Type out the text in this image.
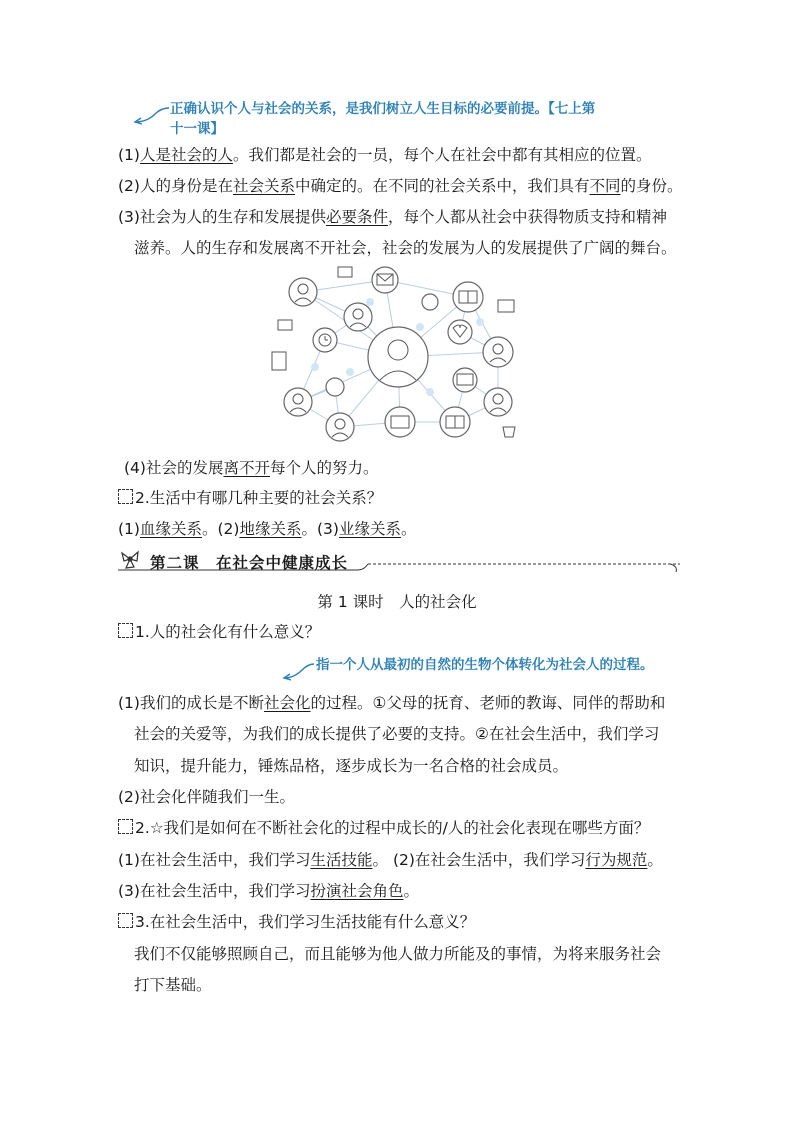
正确认识个人与社会的关系，是我们树立人生目标的必要前提。【七上第
十一课】
(1)人是社会的人。我们都是社会的一员，每个人在社会中都有其相应的位置。
(2)人的身份是在社会关系中确定的。在不同的社会关系中，我们具有不同的身份。
(3)社会为人的生存和发展提供必要条件，每个人都从社会中获得物质支持和精神
滋养。人的生存和发展离不开社会，社会的发展为人的发展提供了广阔的舞台。
(4)社会的发展离不开每个人的努力。
2.生活中有哪几种主要的社会关系？
(1)血缘关系。(2)地缘关系。(3)业缘关系。
第二课　在社会中健康成长
第 1 课时　人的社会化
1.人的社会化有什么意义？
指一个人从最初的自然的生物个体转化为社会人的过程。
(1)我们的成长是不断社会化的过程。①父母的抚育、老师的教诲、同伴的帮助和
社会的关爱等，为我们的成长提供了必要的支持。②在社会生活中，我们学习
知识，提升能力，锤炼品格，逐步成长为一名合格的社会成员。
(2)社会化伴随我们一生。
2.☆我们是如何在不断社会化的过程中成长的/人的社会化表现在哪些方面？
(1)在社会生活中，我们学习生活技能。 (2)在社会生活中，我们学习行为规范。
(3)在社会生活中，我们学习扮演社会角色。
3.在社会生活中，我们学习生活技能有什么意义？
我们不仅能够照顾自己，而且能够为他人做力所能及的事情，为将来服务社会
打下基础。
